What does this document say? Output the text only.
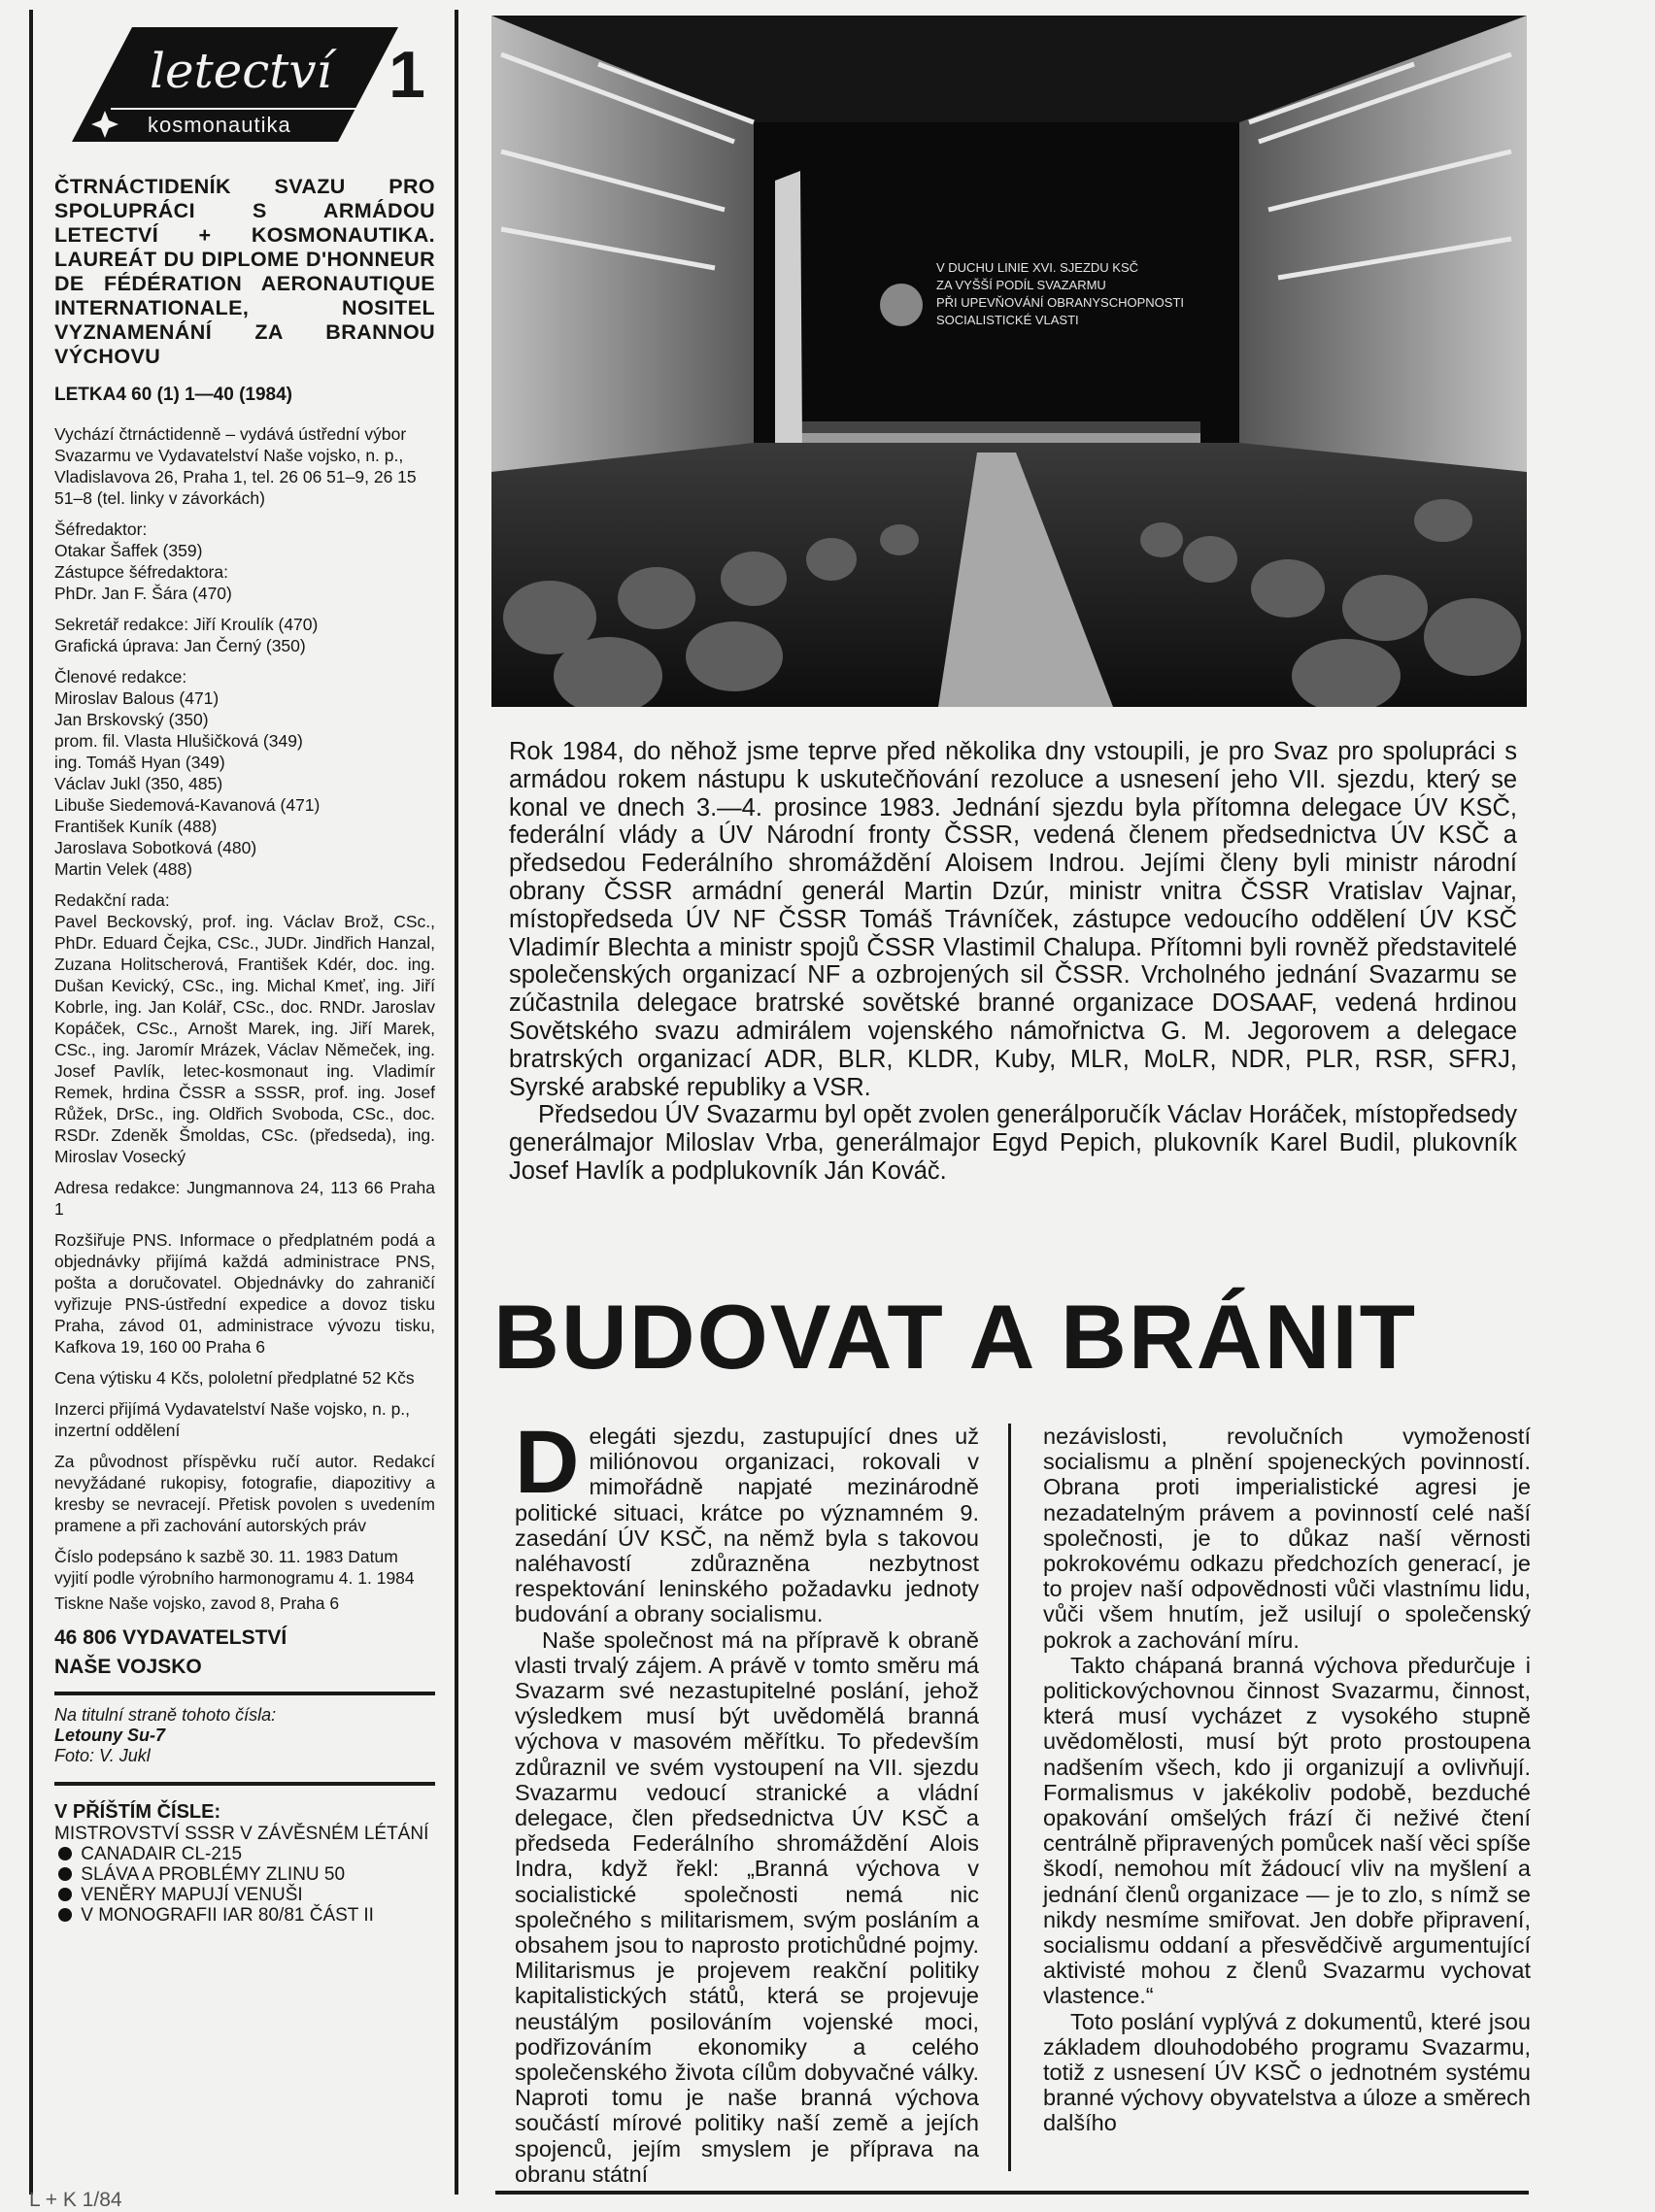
letectví
kosmonautika
1
ČTRNÁCTIDENÍK SVAZU PRO SPOLUPRÁCI S ARMÁDOU LETECTVÍ + KOSMONAUTIKA. LAUREÁT DU DIPLOME D'HONNEUR DE FÉDÉRATION AERONAUTIQUE INTERNATIONALE, NOSITEL VYZNAMENÁNÍ ZA BRANNOU VÝCHOVU
LETKA4 60 (1) 1—40 (1984)
Vychází čtrnáctidenně – vydává ústřední výbor Svazarmu ve Vydavatelství Naše vojsko, n. p., Vladislavova 26, Praha 1, tel. 26 06 51–9, 26 15 51–8 (tel. linky v závorkách)
Šéfredaktor:
Otakar Šaffek (359)
Zástupce šéfredaktora:
PhDr. Jan F. Šára (470)
Sekretář redakce: Jiří Kroulík (470)
Grafická úprava: Jan Černý (350)
Členové redakce:
Miroslav Balous (471)
Jan Brskovský (350)
prom. fil. Vlasta Hlušičková (349)
ing. Tomáš Hyan (349)
Václav Jukl (350, 485)
Libuše Siedemová-Kavanová (471)
František Kuník (488)
Jaroslava Sobotková (480)
Martin Velek (488)
Redakční rada:
Pavel Beckovský, prof. ing. Václav Brož, CSc., PhDr. Eduard Čejka, CSc., JUDr. Jindřich Hanzal, Zuzana Holitscherová, František Kdér, doc. ing. Dušan Kevický, CSc., ing. Michal Kmeť, ing. Jiří Kobrle, ing. Jan Kolář, CSc., doc. RNDr. Jaroslav Kopáček, CSc., Arnošt Marek, ing. Jiří Marek, CSc., ing. Jaromír Mrázek, Václav Němeček, ing. Josef Pavlík, letec-kosmonaut ing. Vladimír Remek, hrdina ČSSR a SSSR, prof. ing. Josef Růžek, DrSc., ing. Oldřich Svoboda, CSc., doc. RSDr. Zdeněk Šmoldas, CSc. (předseda), ing. Miroslav Vosecký
Adresa redakce: Jungmannova 24, 113 66 Praha 1
Rozšiřuje PNS. Informace o předplatném podá a objednávky přijímá každá administrace PNS, pošta a doručovatel. Objednávky do zahraničí vyřizuje PNS-ústřední expedice a dovoz tisku Praha, závod 01, administrace vývozu tisku, Kafkova 19, 160 00 Praha 6
Cena výtisku 4 Kčs, pololetní předplatné 52 Kčs
Inzerci přijímá Vydavatelství Naše vojsko, n. p., inzertní oddělení
Za původnost příspěvku ručí autor. Redakcí nevyžádané rukopisy, fotografie, diapozitivy a kresby se nevracejí. Přetisk povolen s uvedením pramene a při zachování autorských práv
Číslo podepsáno k sazbě 30. 11. 1983 Datum vyjití podle výrobního harmonogramu 4. 1. 1984
Tiskne Naše vojsko, zavod 8, Praha 6
46 806 VYDAVATELSTVÍ
NAŠE VOJSKO
Na titulní straně tohoto čísla:
Letouny Su-7
Foto: V. Jukl
V PŘÍŠTÍM ČÍSLE:
MISTROVSTVÍ SSSR V ZÁVĚSNÉM LÉTÁNÍ  CANADAIR CL-215
SLÁVA A PROBLÉMY ZLINU 50
VENĚRY MAPUJÍ VENUŠI
V MONOGRAFII IAR 80/81 ČÁST II
V DUCHU LINIE XVI. SJEZDU KSČ
ZA VYŠŠÍ PODÍL SVAZARMU
PŘI UPEVŇOVÁNÍ OBRANYSCHOPNOSTI
SOCIALISTICKÉ VLASTI

Rok 1984, do něhož jsme teprve před několika dny vstoupili, je pro Svaz pro spolupráci s armádou rokem nástupu k uskutečňování rezoluce a usnesení jeho VII. sjezdu, který se konal ve dnech 3.—4. prosince 1983. Jednání sjezdu byla přítomna delegace ÚV KSČ, federální vlády a ÚV Národní fronty ČSSR, vedená členem předsednictva ÚV KSČ a předsedou Federálního shromáždění Aloisem Indrou. Jejími členy byli ministr národní obrany ČSSR armádní generál Martin Dzúr, ministr vnitra ČSSR Vratislav Vajnar, místopředseda ÚV NF ČSSR Tomáš Trávníček, zástupce vedoucího oddělení ÚV KSČ Vladimír Blechta a ministr spojů ČSSR Vlastimil Chalupa. Přítomni byli rovněž představitelé společenských organizací NF a ozbrojených sil ČSSR. Vrcholného jednání Svazarmu se zúčastnila delegace bratrské sovětské branné organizace DOSAAF, vedená hrdinou Sovětského svazu admirálem vojenského námořnictva G. M. Jegorovem a delegace bratrských organizací ADR, BLR, KLDR, Kuby, MLR, MoLR, NDR, PLR, RSR, SFRJ, Syrské arabské republiky a VSR.

Předsedou ÚV Svazarmu byl opět zvolen generálporučík Václav Horáček, místopředsedy generálmajor Miloslav Vrba, generálmajor Egyd Pepich, plukovník Karel Budil, plukovník Josef Havlík a podplukovník Ján Kováč.

BUDOVAT A BRÁNIT
D elegáti sjezdu, zastupující dnes už miliónovou organizaci, rokovali v mimořádně napjaté mezinárodně politické situaci, krátce po významném 9. zasedání ÚV KSČ, na němž byla s takovou naléhavostí zdůrazněna nezbytnost respektování leninského požadavku jednoty budování a obrany socialismu.

Naše společnost má na přípravě k obraně vlasti trvalý zájem. A právě v tomto směru má Svazarm své nezastupitelné poslání, jehož výsledkem musí být uvědomělá branná výchova v masovém měřítku. To především zdůraznil ve svém vystoupení na VII. sjezdu Svazarmu vedoucí stranické a vládní delegace, člen předsednictva ÚV KSČ a předseda Federálního shromáždění Alois Indra, když řekl: „Branná výchova v socialistické společnosti nemá nic společného s militarismem, svým posláním a obsahem jsou to naprosto protichůdné pojmy. Militarismus je projevem reakční politiky kapitalistických států, která se projevuje neustálým posilováním vojenské moci, podřizováním ekonomiky a celého společenského života cílům dobyvačné války. Naproti tomu je naše branná výchova součástí mírové politiky naší země a jejích spojenců, jejím smyslem je příprava na obranu státní

nezávislosti, revolučních vymožeností socialismu a plnění spojeneckých povinností. Obrana proti imperialistické agresi je nezadatelným právem a povinností celé naší společnosti, je to důkaz naší věrnosti pokrokovému odkazu předchozích generací, je to projev naší odpovědnosti vůči vlastnímu lidu, vůči všem hnutím, jež usilují o společenský pokrok a zachování míru.

Takto chápaná branná výchova předurčuje i politickovýchovnou činnost Svazarmu, činnost, která musí vycházet z vysokého stupně uvědomělosti, musí být proto prostoupena nadšením všech, kdo ji organizují a ovlivňují. Formalismus v jakékoliv podobě, bezduché opakování omšelých frází či neživé čtení centrálně připravených pomůcek naší věci spíše škodí, nemohou mít žádoucí vliv na myšlení a jednání členů organizace — je to zlo, s nímž se nikdy nesmíme smiřovat. Jen dobře připravení, socialismu oddaní a přesvědčivě argumentující aktivisté mohou z členů Svazarmu vychovat vlastence.“

Toto poslání vyplývá z dokumentů, které jsou základem dlouhodobého programu Svazarmu, totiž z usnesení ÚV KSČ o jednotném systému branné výchovy obyvatelstva a úloze a směrech dalšího

L + K 1/84
